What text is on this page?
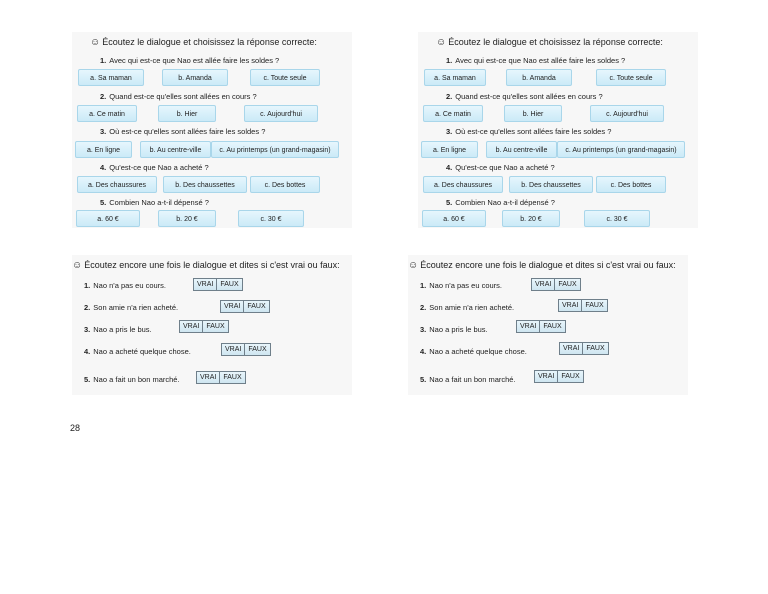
☺ Écoutez le dialogue et choisissez la réponse correcte:
1. Avec qui est-ce que Nao est allée faire les soldes ?
a. Sa maman	b. Amanda	c. Toute seule
2. Quand est-ce qu'elles sont allées en cours ?
a. Ce matin	b. Hier	c. Aujourd'hui
3. Où est-ce qu'elles sont allées faire les soldes ?
a. En ligne	b. Au centre-ville	c. Au printemps (un grand-magasin)
4. Qu'est-ce que Nao a acheté ?
a. Des chaussures	b. Des chaussettes	c. Des bottes
5. Combien Nao a-t-il dépensé ?
a. 60 €	b. 20 €	c. 30 €
☺ Écoutez encore une fois le dialogue et dites si c'est vrai ou faux:
1. Nao n'a pas eu cours.	VRAI	FAUX
2. Son amie n'a rien acheté.	VRAI	FAUX
3. Nao a pris le bus.	VRAI	FAUX
4. Nao a acheté quelque chose.	VRAI	FAUX
5. Nao a fait un bon marché.	VRAI	FAUX
☺ Écoutez le dialogue et choisissez la réponse correcte:
1. Avec qui est-ce que Nao est allée faire les soldes ?
a. Sa maman	b. Amanda	c. Toute seule
2. Quand est-ce qu'elles sont allées en cours ?
a. Ce matin	b. Hier	c. Aujourd'hui
3. Où est-ce qu'elles sont allées faire les soldes ?
a. En ligne	b. Au centre-ville	c. Au printemps (un grand-magasin)
4. Qu'est-ce que Nao a acheté ?
a. Des chaussures	b. Des chaussettes	c. Des bottes
5. Combien Nao a-t-il dépensé ?
a. 60 €	b. 20 €	c. 30 €
☺ Écoutez encore une fois le dialogue et dites si c'est vrai ou faux:
1. Nao n'a pas eu cours.	VRAI	FAUX
2. Son amie n'a rien acheté.	VRAI	FAUX
3. Nao a pris le bus.	VRAI	FAUX
4. Nao a acheté quelque chose.	VRAI	FAUX
5. Nao a fait un bon marché.	VRAI	FAUX
28
